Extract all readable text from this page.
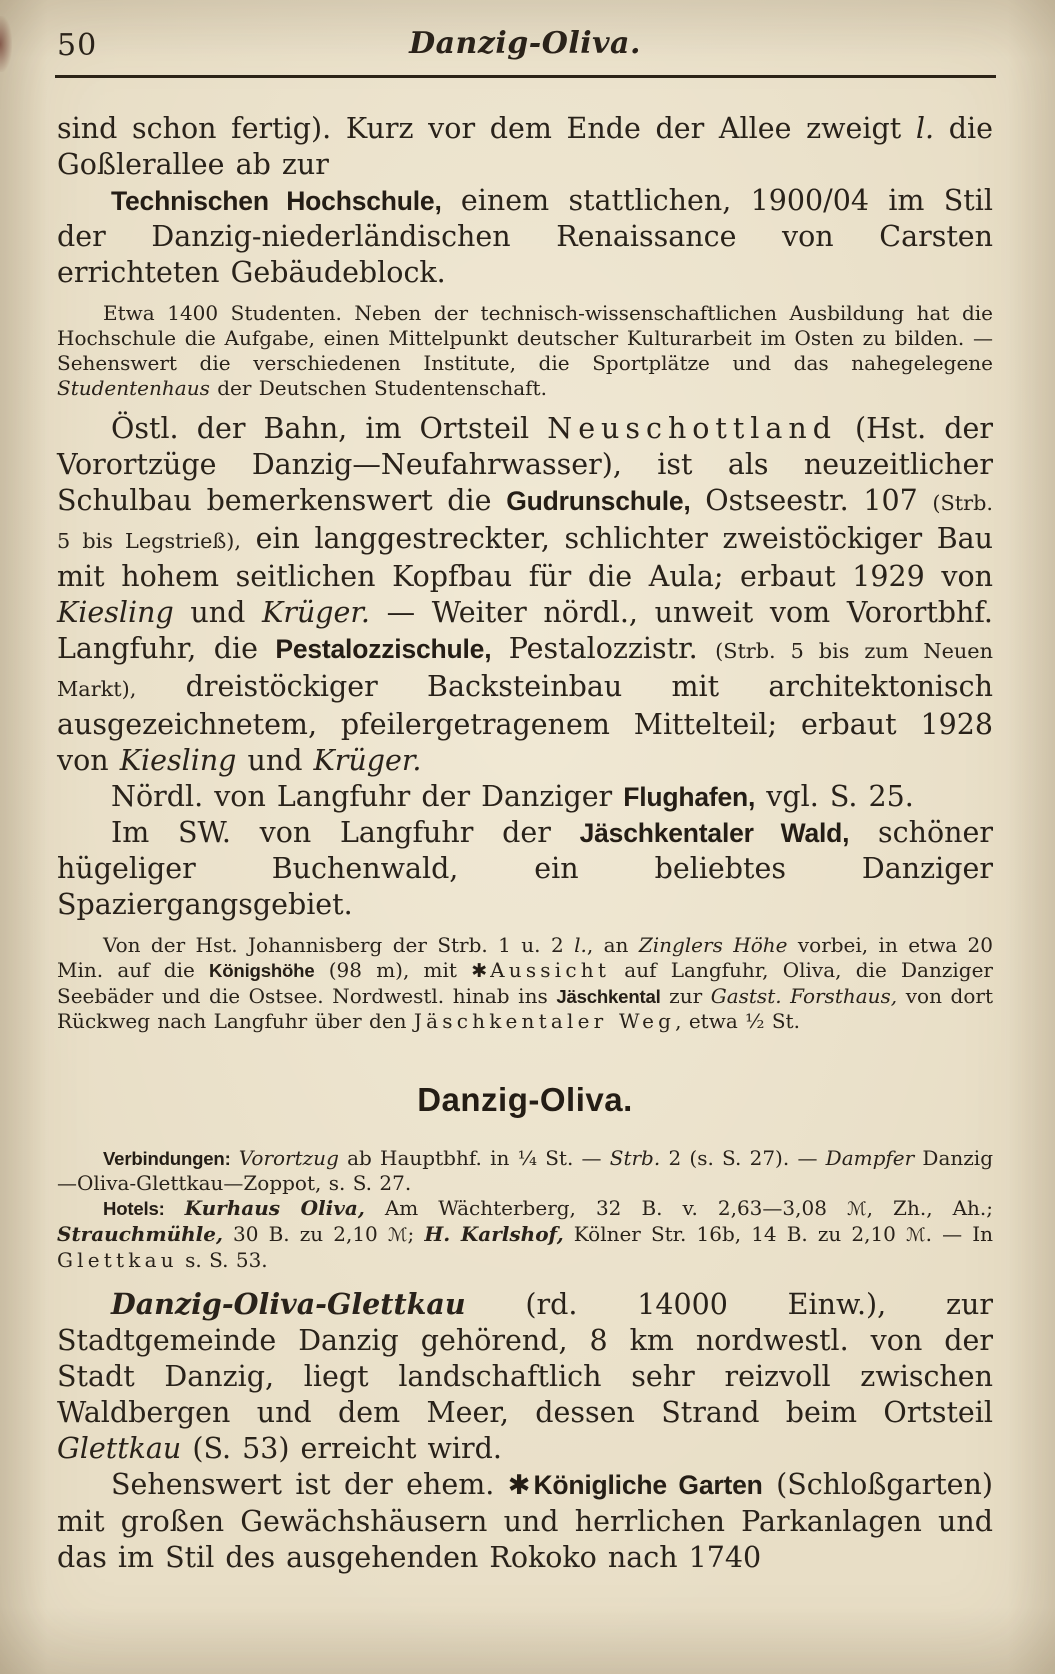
50	Danzig-Oliva.

sind schon fertig). Kurz vor dem Ende der Allee zweigt l. die Goßlerallee ab zur

Technischen Hochschule, einem stattlichen, 1900/04 im Stil der Danzig-niederländischen Renaissance von Carsten errichteten Gebäudeblock.

Etwa 1400 Studenten. Neben der technisch-wissenschaftlichen Ausbildung hat die Hochschule die Aufgabe, einen Mittelpunkt deutscher Kulturarbeit im Osten zu bilden. — Sehenswert die verschiedenen Institute, die Sportplätze und das nahegelegene Studentenhaus der Deutschen Studentenschaft.

Östl. der Bahn, im Ortsteil Neuschottland (Hst. der Vorortzüge Danzig—Neufahrwasser), ist als neuzeitlicher Schulbau bemerkenswert die Gudrunschule, Ostseestr. 107 (Strb. 5 bis Legstrieß), ein langgestreckter, schlichter zweistöckiger Bau mit hohem seitlichen Kopfbau für die Aula; erbaut 1929 von Kiesling und Krüger. — Weiter nördl., unweit vom Vorortbhf. Langfuhr, die Pestalozzischule, Pestalozzistr. (Strb. 5 bis zum Neuen Markt), dreistöckiger Backsteinbau mit architektonisch ausgezeichnetem, pfeilergetragenem Mittelteil; erbaut 1928 von Kiesling und Krüger.

Nördl. von Langfuhr der Danziger Flughafen, vgl. S. 25.

Im SW. von Langfuhr der Jäschkentaler Wald, schöner hügeliger Buchenwald, ein beliebtes Danziger Spaziergangsgebiet.

Von der Hst. Johannisberg der Strb. 1 u. 2 l., an Zinglers Höhe vorbei, in etwa 20 Min. auf die Königshöhe (98 m), mit ✱ Aussicht auf Langfuhr, Oliva, die Danziger Seebäder und die Ostsee. Nordwestl. hinab ins Jäschkental zur Gastst. Forsthaus, von dort Rückweg nach Langfuhr über den Jäschkentaler Weg, etwa ½ St.

Danzig-Oliva.

Verbindungen: Vorortzug ab Hauptbhf. in ¼ St. — Strb. 2 (s. S. 27). — Dampfer Danzig—Oliva-Glettkau—Zoppot, s. S. 27.

Hotels: Kurhaus Oliva, Am Wächterberg, 32 B. v. 2,63—3,08 ℳ, Zh., Ah.; Strauchmühle, 30 B. zu 2,10 ℳ; H. Karlshof, Kölner Str. 16b, 14 B. zu 2,10 ℳ. — In Glettkau s. S. 53.

Danzig-Oliva-Glettkau (rd. 14000 Einw.), zur Stadtgemeinde Danzig gehörend, 8 km nordwestl. von der Stadt Danzig, liegt landschaftlich sehr reizvoll zwischen Waldbergen und dem Meer, dessen Strand beim Ortsteil Glettkau (S. 53) erreicht wird.

Sehenswert ist der ehem. ✱ Königliche Garten (Schloßgarten) mit großen Gewächshäusern und herrlichen Parkanlagen und das im Stil des ausgehenden Rokoko nach 1740
